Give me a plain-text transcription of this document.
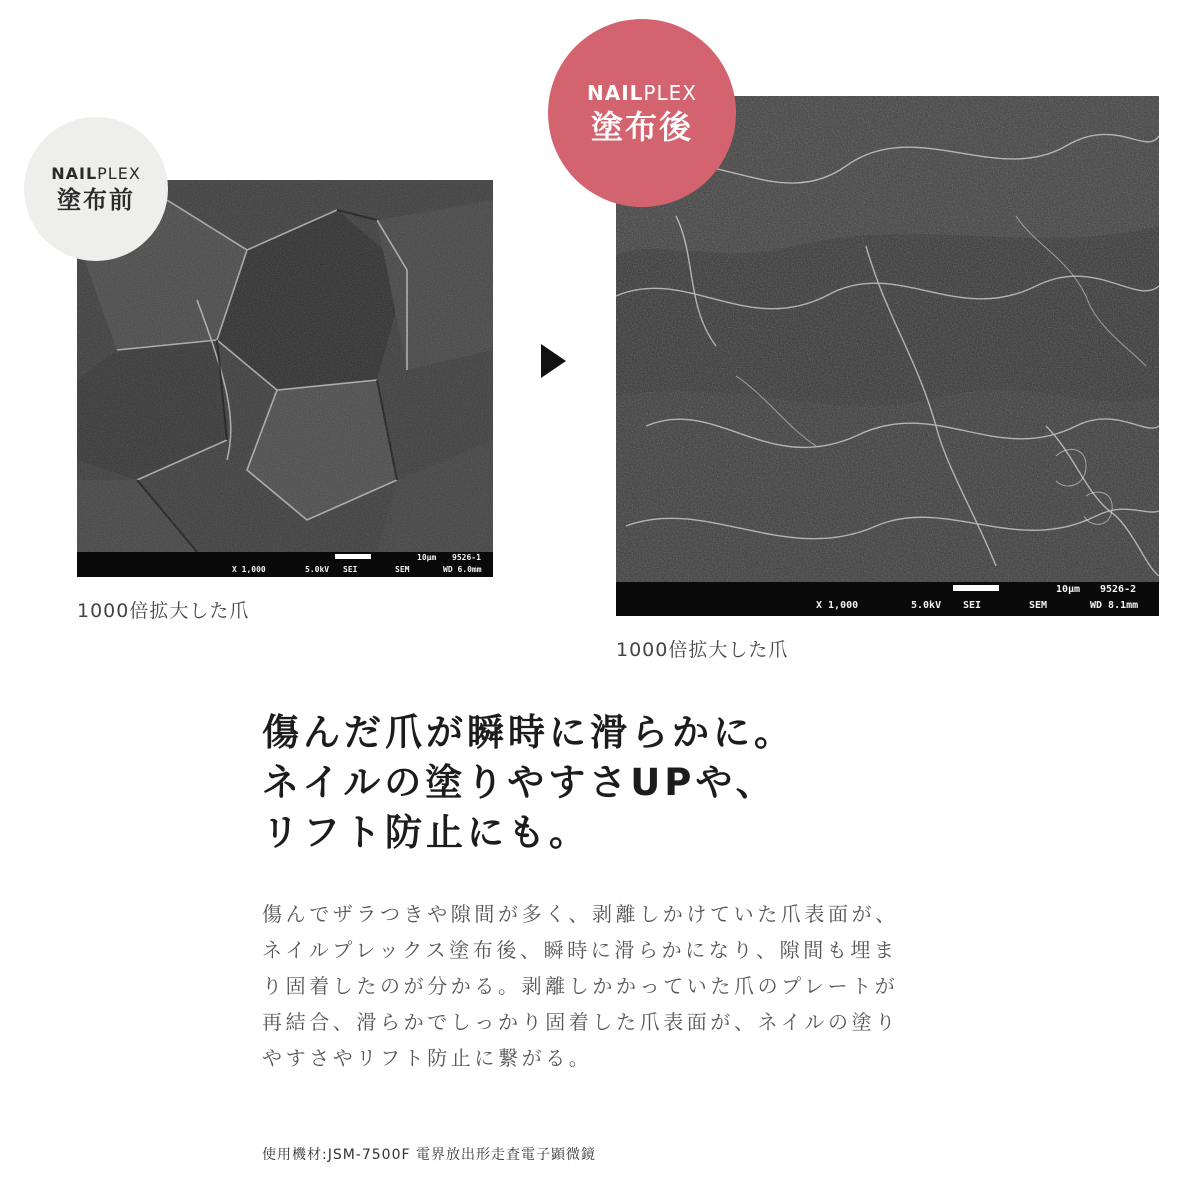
10μm 9526-1
X 1,000	5.0kV SEI	SEM	WD 6.0mm
NAILPLEX
塗布前
1000倍拡大した爪
10μm 9526-2
X 1,000	5.0kV SEI	SEM	WD 8.1mm
NAILPLEX
塗布後
1000倍拡大した爪
傷んだ爪が瞬時に滑らかに。
ネイルの塗りやすさUPや、
リフト防止にも。
傷んでザラつきや隙間が多く、剥離しかけていた爪表面が、
ネイルプレックス塗布後、瞬時に滑らかになり、隙間も埋ま
り固着したのが分かる。剥離しかかっていた爪のプレートが
再結合、滑らかでしっかり固着した爪表面が、ネイルの塗り
やすさやリフト防止に繋がる。
使用機材:JSM-7500F 電界放出形走査電子顕微鏡
